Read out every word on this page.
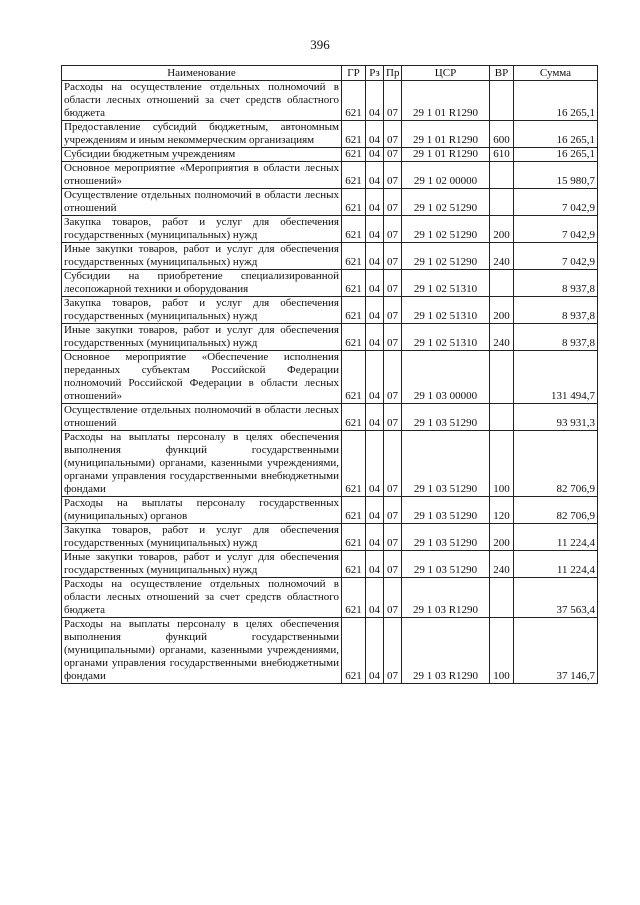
396
Наименование	ГР	Рз	Пр	ЦСР	ВР	Сумма
Расходы на осуществление отдельных полномочий в области лесных отношений за счет средств областного бюджета	621	04	07	29 1 01 R1290		16 265,1
Предоставление субсидий бюджетным, автономным учреждениям и иным некоммерческим организациям	621	04	07	29 1 01 R1290	600	16 265,1
Субсидии бюджетным учреждениям	621	04	07	29 1 01 R1290	610	16 265,1
Основное мероприятие «Мероприятия в области лесных отношений»	621	04	07	29 1 02 00000		15 980,7
Осуществление отдельных полномочий в области лесных отношений	621	04	07	29 1 02 51290		7 042,9
Закупка товаров, работ и услуг для обеспечения государственных (муниципальных) нужд	621	04	07	29 1 02 51290	200	7 042,9
Иные закупки товаров, работ и услуг для обеспечения государственных (муниципальных) нужд	621	04	07	29 1 02 51290	240	7 042,9
Субсидии на приобретение специализированной лесопожарной техники и оборудования	621	04	07	29 1 02 51310		8 937,8
Закупка товаров, работ и услуг для обеспечения государственных (муниципальных) нужд	621	04	07	29 1 02 51310	200	8 937,8
Иные закупки товаров, работ и услуг для обеспечения государственных (муниципальных) нужд	621	04	07	29 1 02 51310	240	8 937,8
Основное мероприятие «Обеспечение исполнения переданных субъектам Российской Федерации полномочий Российской Федерации в области лесных отношений»	621	04	07	29 1 03 00000		131 494,7
Осуществление отдельных полномочий в области лесных отношений	621	04	07	29 1 03 51290		93 931,3
Расходы на выплаты персоналу в целях обеспечения выполнения функций государственными (муниципальными) органами, казенными учреждениями, органами управления государственными внебюджетными фондами	621	04	07	29 1 03 51290	100	82 706,9
Расходы на выплаты персоналу государственных (муниципальных) органов	621	04	07	29 1 03 51290	120	82 706,9
Закупка товаров, работ и услуг для обеспечения государственных (муниципальных) нужд	621	04	07	29 1 03 51290	200	11 224,4
Иные закупки товаров, работ и услуг для обеспечения государственных (муниципальных) нужд	621	04	07	29 1 03 51290	240	11 224,4
Расходы на осуществление отдельных полномочий в области лесных отношений за счет средств областного бюджета	621	04	07	29 1 03 R1290		37 563,4
Расходы на выплаты персоналу в целях обеспечения выполнения функций государственными (муниципальными) органами, казенными учреждениями, органами управления государственными внебюджетными фондами	621	04	07	29 1 03 R1290	100	37 146,7
